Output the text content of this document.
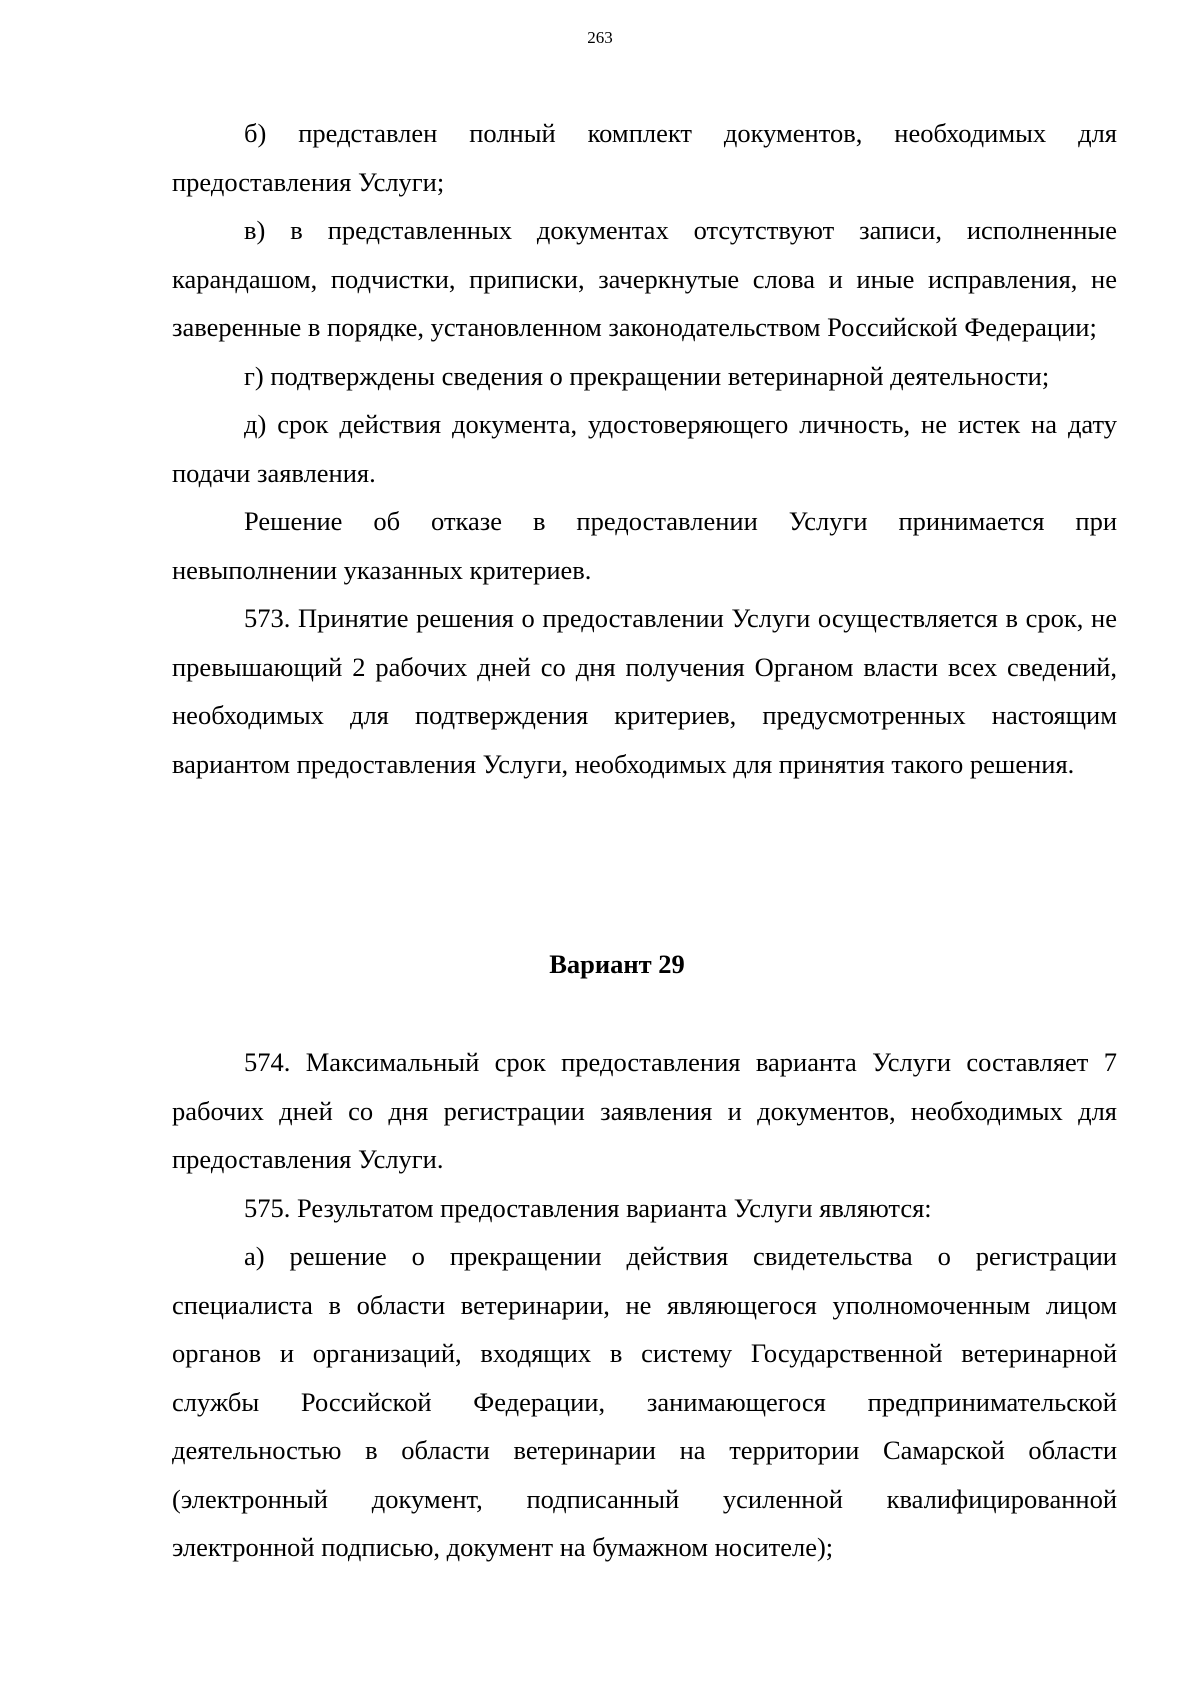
263

б) представлен полный комплект документов, необходимых для предоставления Услуги;

в) в представленных документах отсутствуют записи, исполненные карандашом, подчистки, приписки, зачеркнутые слова и иные исправления, не заверенные в порядке, установленном законодательством Российской Федерации;

г) подтверждены сведения о прекращении ветеринарной деятельности;

д) срок действия документа, удостоверяющего личность, не истек на дату подачи заявления.

Решение об отказе в предоставлении Услуги принимается при невыполнении указанных критериев.

573. Принятие решения о предоставлении Услуги осуществляется в срок, не превышающий 2 рабочих дней со дня получения Органом власти всех сведений, необходимых для подтверждения критериев, предусмотренных настоящим вариантом предоставления Услуги, необходимых для принятия такого решения.

Вариант 29

574. Максимальный срок предоставления варианта Услуги составляет 7 рабочих дней со дня регистрации заявления и документов, необходимых для предоставления Услуги.

575. Результатом предоставления варианта Услуги являются:

а) решение о прекращении действия свидетельства о регистрации специалиста в области ветеринарии, не являющегося уполномоченным лицом органов и организаций, входящих в систему Государственной ветеринарной службы Российской Федерации, занимающегося предпринимательской деятельностью в области ветеринарии на территории Самарской области (электронный документ, подписанный усиленной квалифицированной электронной подписью, документ на бумажном носителе);
